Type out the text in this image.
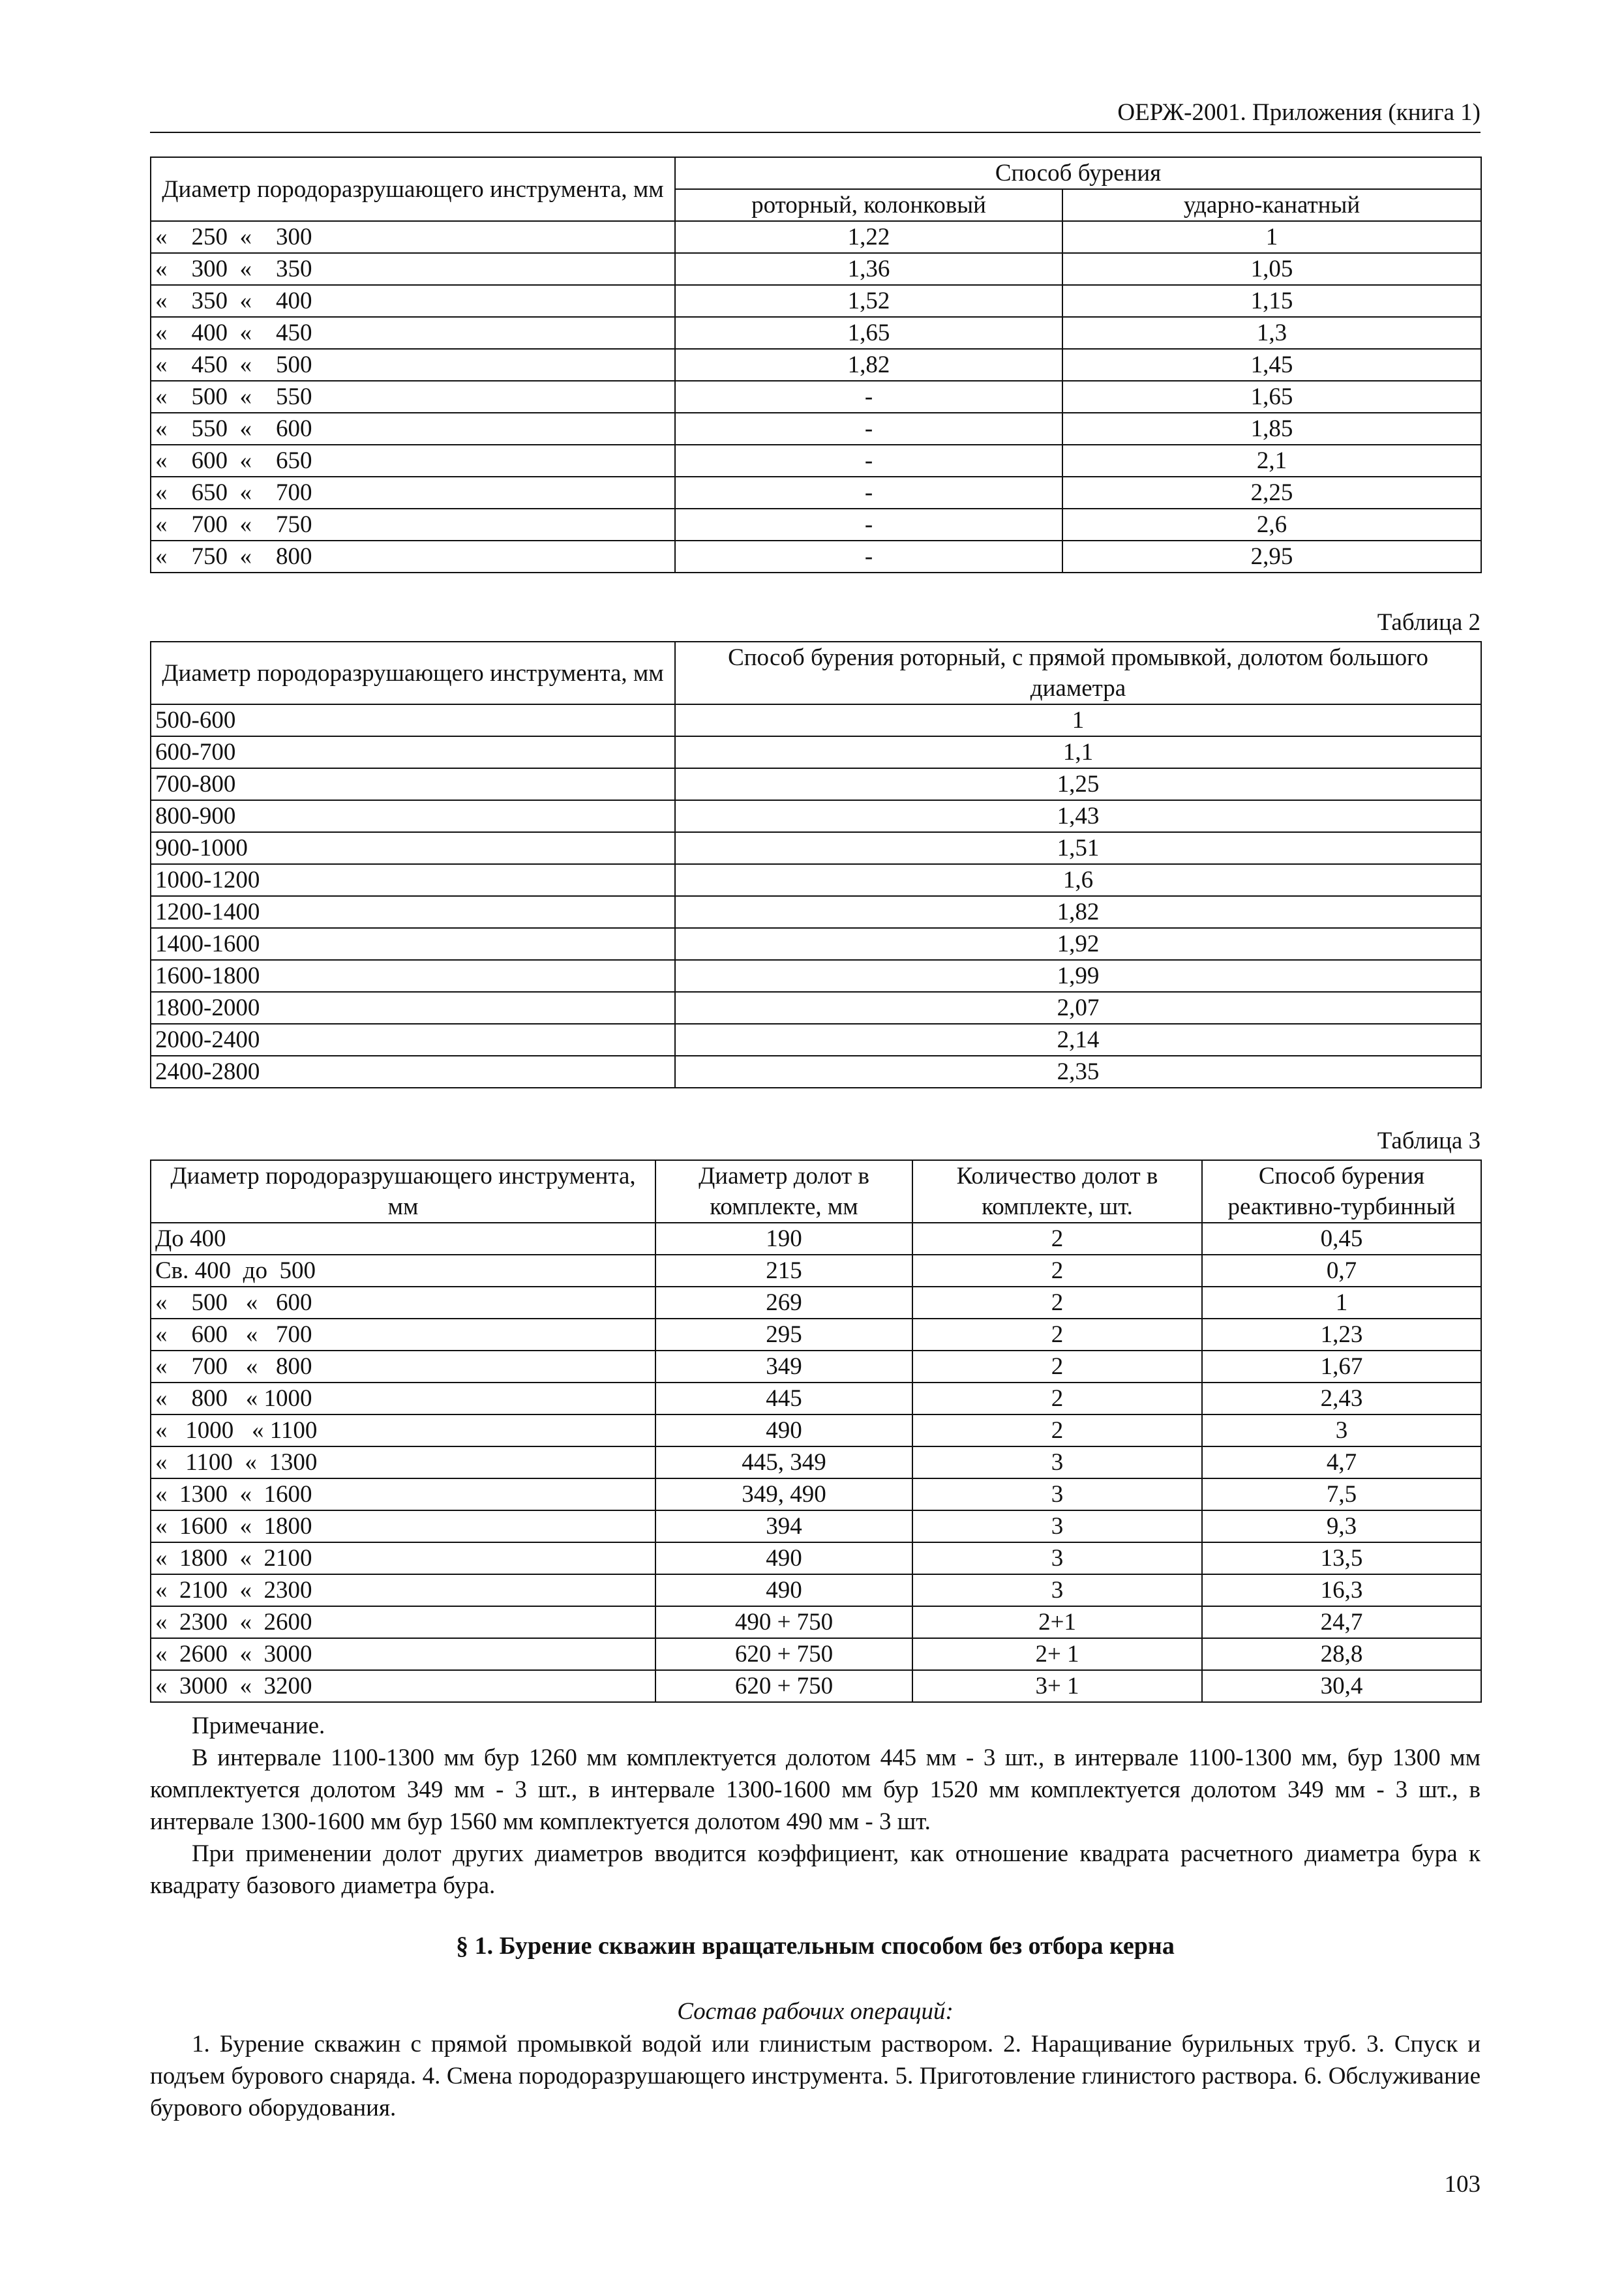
ОЕРЖ-2001. Приложения (книга 1)
Диаметр породоразрушающего инструмента, мм	Способ бурения	
	роторный, колонковый	ударно-канатный
«    250  «    300	1,22	1
«    300  «    350	1,36	1,05
«    350  «    400	1,52	1,15
«    400  «    450	1,65	1,3
«    450  «    500	1,82	1,45
«    500  «    550	-	1,65
«    550  «    600	-	1,85
«    600  «    650	-	2,1
«    650  «    700	-	2,25
«    700  «    750	-	2,6
«    750  «    800	-	2,95
Таблица 2
Диаметр породоразрушающего инструмента, мм	Способ бурения роторный, с прямой промывкой, долотом большого диаметра
500-600	1
600-700	1,1
700-800	1,25
800-900	1,43
900-1000	1,51
1000-1200	1,6
1200-1400	1,82
1400-1600	1,92
1600-1800	1,99
1800-2000	2,07
2000-2400	2,14
2400-2800	2,35
Таблица 3
Диаметр породоразрушающего инструмента, мм	Диаметр долот в комплекте, мм	Количество долот в комплекте, шт.	Способ бурения реактивно-турбинный
До 400	190	2	0,45
Св. 400  до  500	215	2	0,7
«    500   «   600	269	2	1
«    600   «   700	295	2	1,23
«    700   «   800	349	2	1,67
«    800   « 1000	445	2	2,43
«   1000   « 1100	490	2	3
«   1100  «  1300	445, 349	3	4,7
«  1300  «  1600	349, 490	3	7,5
«  1600  «  1800	394	3	9,3
«  1800  «  2100	490	3	13,5
«  2100  «  2300	490	3	16,3
«  2300  «  2600	490 + 750	2+1	24,7
«  2600  «  3000	620 + 750	2+ 1	28,8
«  3000  «  3200	620 + 750	3+ 1	30,4

Примечание.

В интервале 1100-1300 мм бур 1260 мм комплектуется долотом 445 мм - 3 шт., в интервале 1100-1300 мм, бур 1300 мм комплектуется долотом 349 мм - 3 шт., в интервале 1300-1600 мм бур 1520 мм комплектуется долотом 349 мм - 3 шт., в интервале 1300-1600 мм бур 1560 мм комплектуется долотом 490 мм - 3 шт.

При применении долот других диаметров вводится коэффициент, как отношение квадрата расчетного диаметра бура к квадрату базового диаметра бура.

§ 1. Бурение скважин вращательным способом без отбора керна
Состав рабочих операций:

1. Бурение скважин с прямой промывкой водой или глинистым раствором. 2. Наращивание бурильных труб. 3. Спуск и подъем бурового снаряда. 4. Смена породоразрушающего инструмента. 5. Приготовление глинистого раствора. 6. Обслуживание бурового оборудования.

103
